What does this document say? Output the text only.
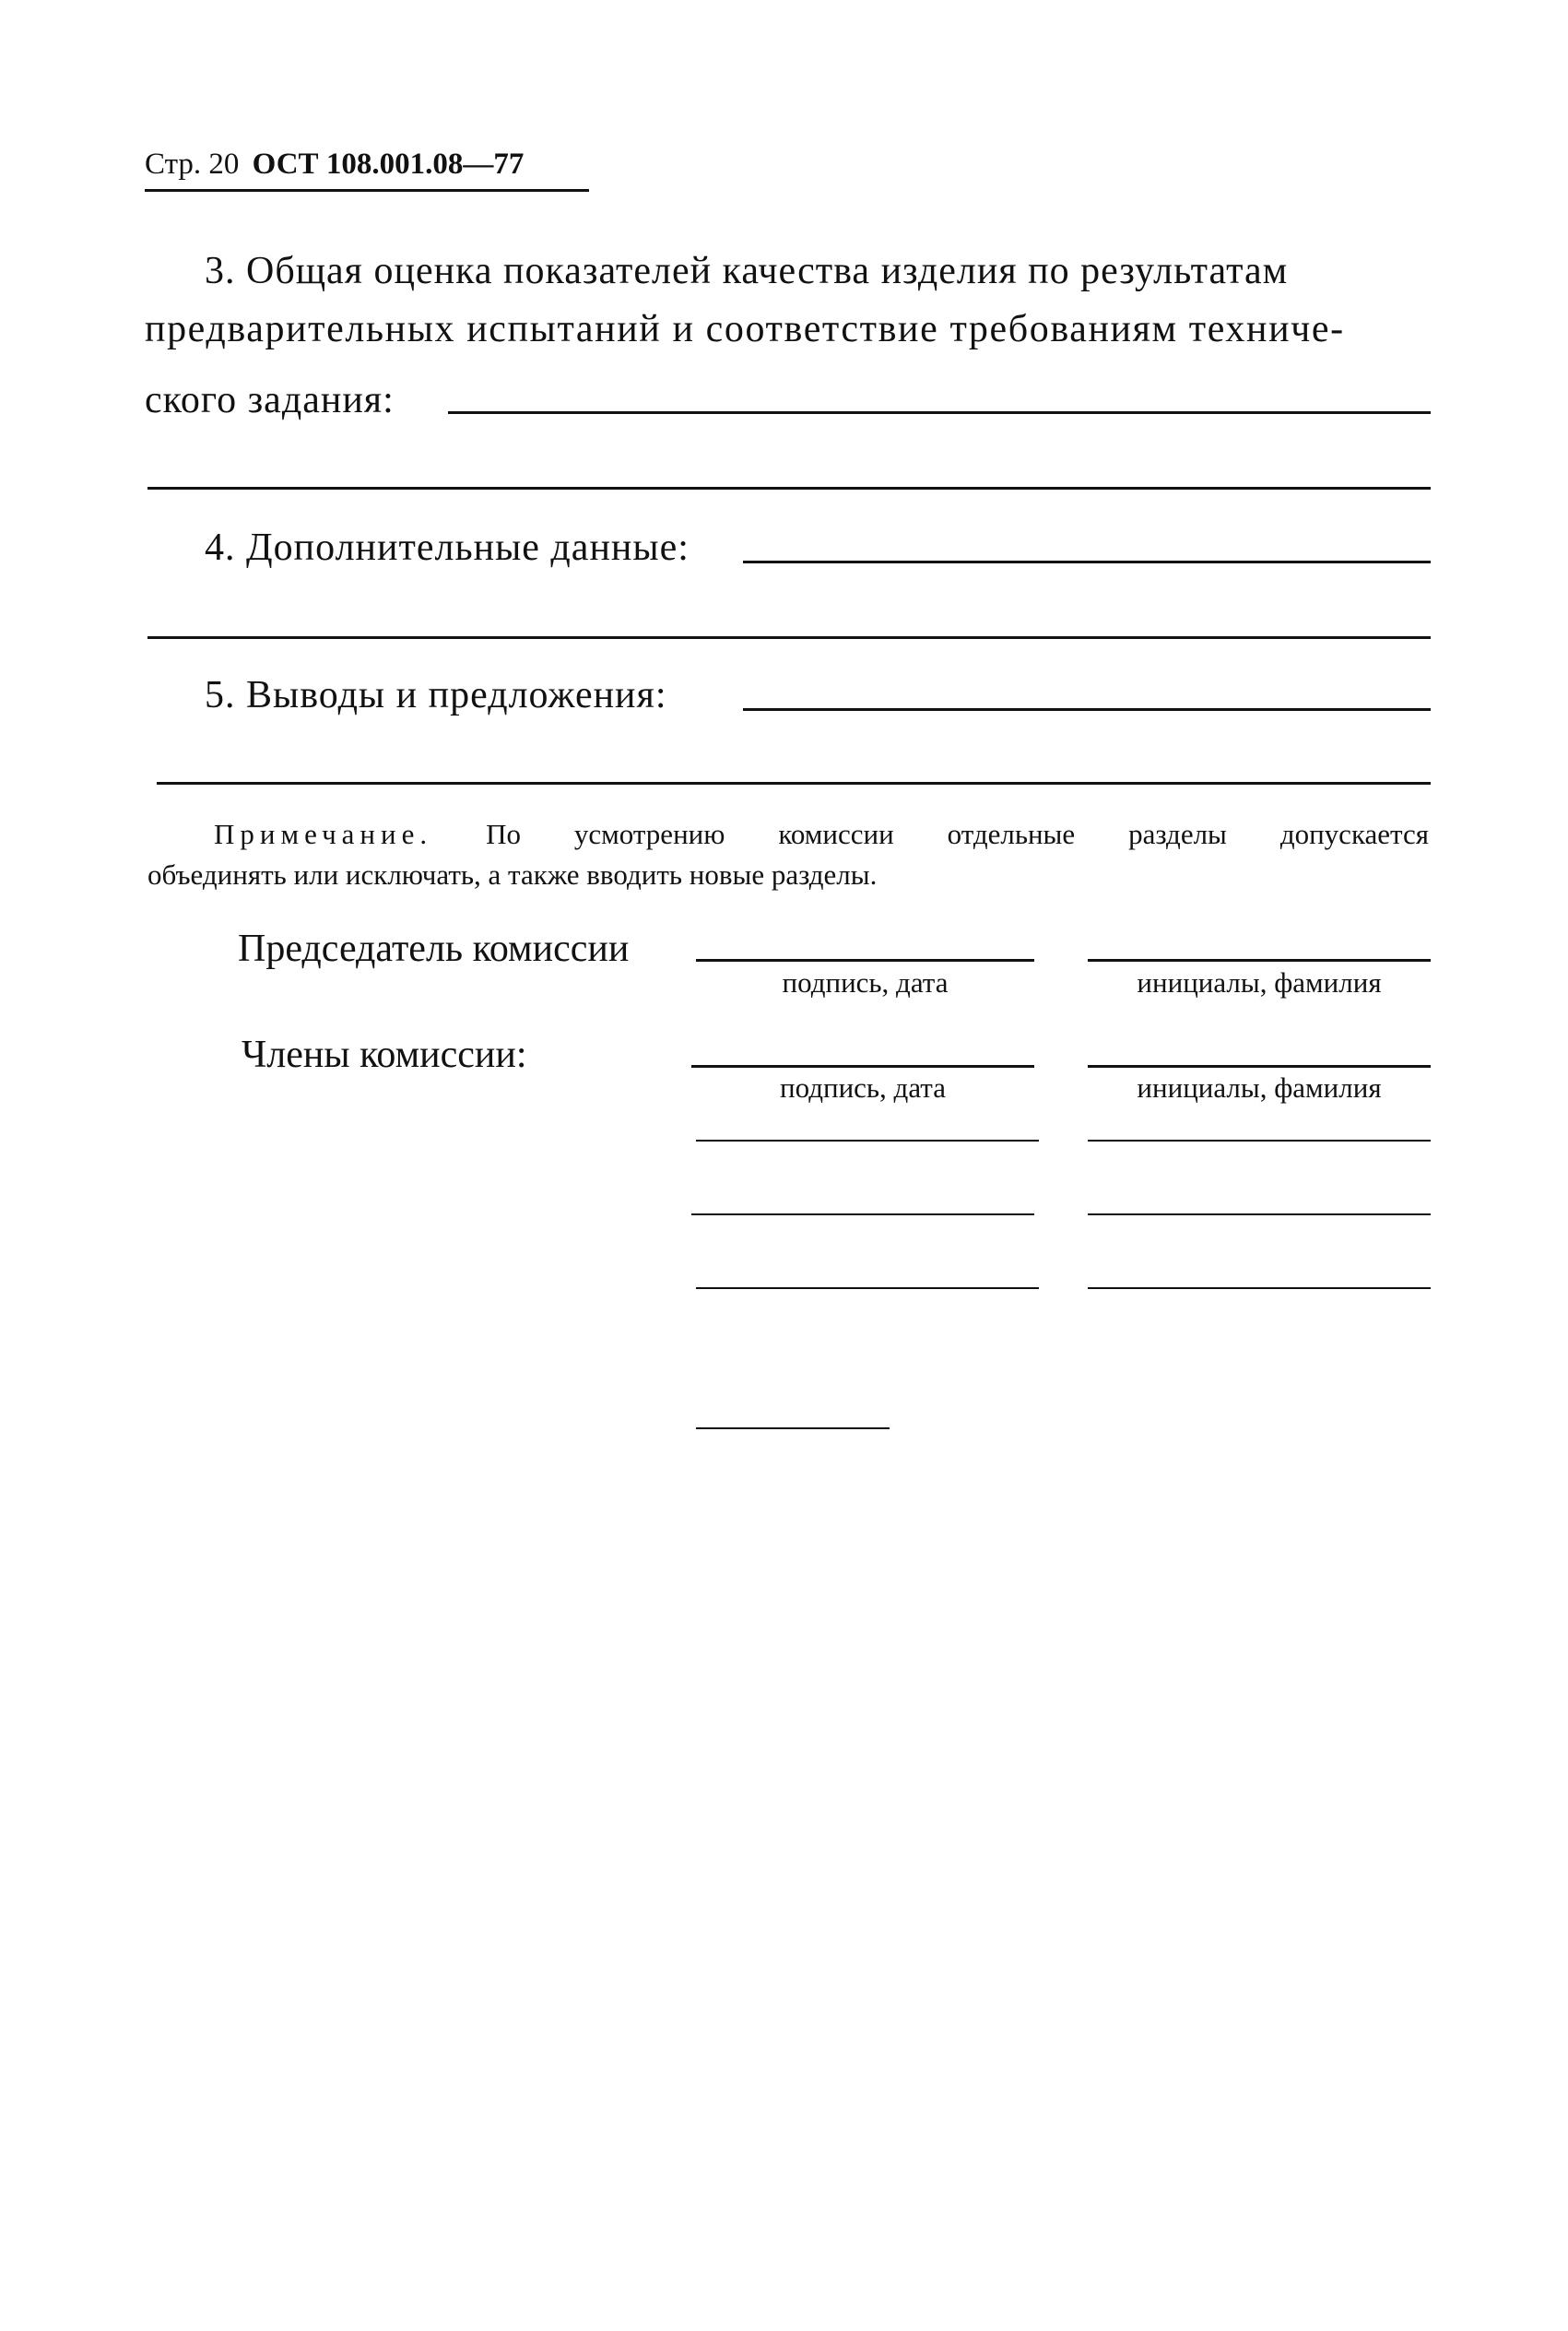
Стр. 20 ОСТ 108.001.08—77
3. Общая оценка показателей качества изделия по результатам
предварительных испытаний и соответствие требованиям техниче-
ского задания:
4. Дополнительные данные:
5. Выводы и предложения:
Примечание. По усмотрению комиссии отдельные разделы допускается
объединять или исключать, а также вводить новые разделы.
Председатель комиссии
подпись, дата	инициалы, фамилия
Члены комиссии:
подпись, дата	инициалы, фамилия
